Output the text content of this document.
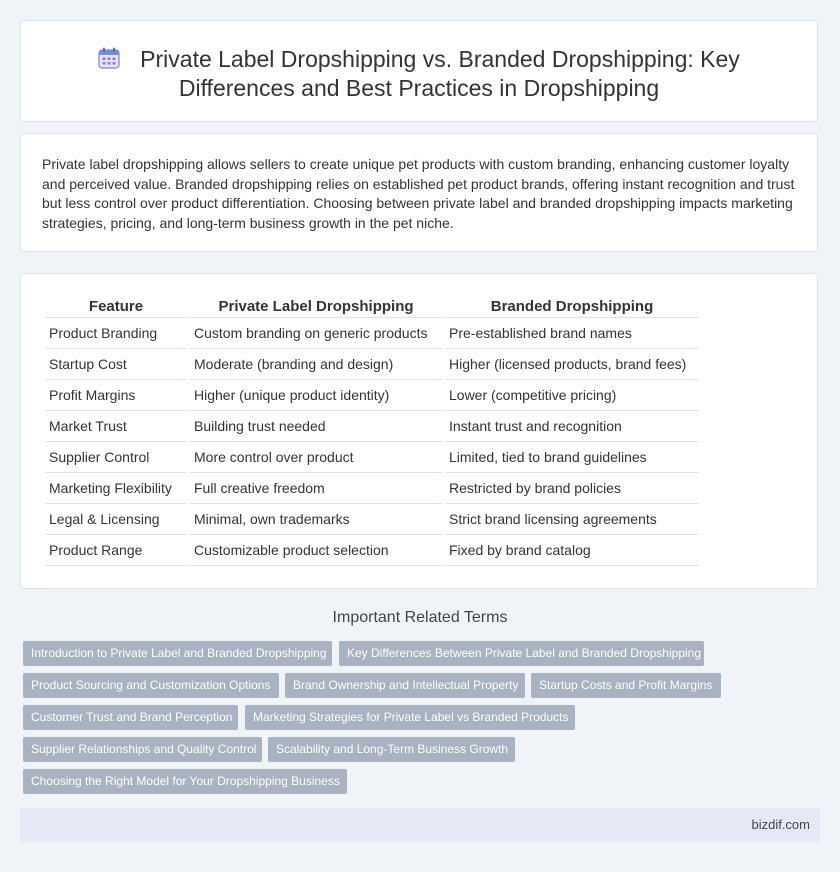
Private Label Dropshipping vs. Branded Dropshipping: Key Differences and Best Practices in Dropshipping

Private label dropshipping allows sellers to create unique pet products with custom branding, enhancing customer loyalty and perceived value. Branded dropshipping relies on established pet product brands, offering instant recognition and trust but less control over product differentiation. Choosing between private label and branded dropshipping impacts marketing strategies, pricing, and long-term business growth in the pet niche.

Feature	Private Label Dropshipping	Branded Dropshipping
Product Branding	Custom branding on generic products	Pre-established brand names
Startup Cost	Moderate (branding and design)	Higher (licensed products, brand fees)
Profit Margins	Higher (unique product identity)	Lower (competitive pricing)
Market Trust	Building trust needed	Instant trust and recognition
Supplier Control	More control over product	Limited, tied to brand guidelines
Marketing Flexibility	Full creative freedom	Restricted by brand policies
Legal & Licensing	Minimal, own trademarks	Strict brand licensing agreements
Product Range	Customizable product selection	Fixed by brand catalog
Important Related Terms
Introduction to Private Label and Branded Dropshipping	Key Differences Between Private Label and Branded Dropshipping
Product Sourcing and Customization Options	Brand Ownership and Intellectual Property	Startup Costs and Profit Margins
Customer Trust and Brand Perception	Marketing Strategies for Private Label vs Branded Products
Supplier Relationships and Quality Control	Scalability and Long-Term Business Growth
Choosing the Right Model for Your Dropshipping Business
bizdif.com
